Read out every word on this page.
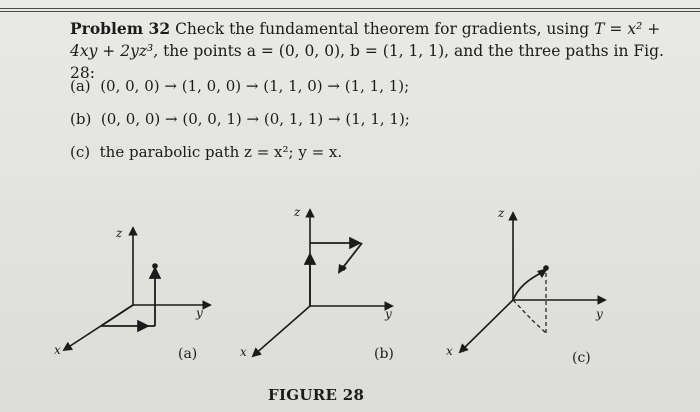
Problem 32 Check the fundamental theorem for gradients, using T = x² + 4xy + 2yz³, the points a = (0, 0, 0), b = (1, 1, 1), and the three paths in Fig. 28:
(a) (0, 0, 0) → (1, 0, 0) → (1, 1, 0) → (1, 1, 1);
(b) (0, 0, 0) → (0, 0, 1) → (0, 1, 1) → (1, 1, 1);
(c) the parabolic path z = x²; y = x.
z
x
y
z
x
y
z
x
y
(a)	(b)	(c)
FIGURE 28
